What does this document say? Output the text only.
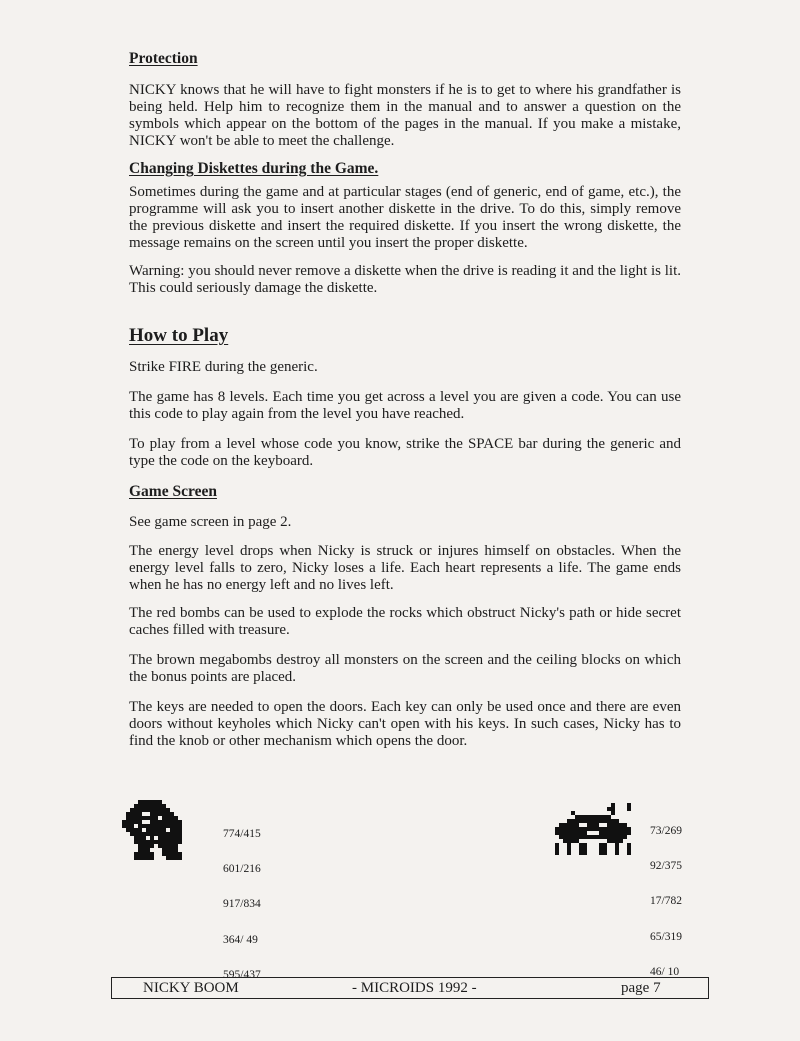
Protection

NICKY knows that he will have to fight monsters if he is to get to where his grandfather is being held. Help him to recognize them in the manual and to answer a question on the symbols which appear on the bottom of the pages in the manual. If you make a mistake, NICKY won't be able to meet the challenge.

Changing Diskettes during the Game.

Sometimes during the game and at particular stages (end of generic, end of game, etc.), the programme will ask you to insert another diskette in the drive. To do this, simply remove the previous diskette and insert the required diskette. If you insert the wrong diskette, the message remains on the screen until you insert the proper diskette.

Warning: you should never remove a diskette when the drive is reading it and the light is lit. This could seriously damage the diskette.

How to Play

Strike FIRE during the generic.

The game has 8 levels. Each time you get across a level you are given a code. You can use this code to play again from the level you have reached.

To play from a level whose code you know, strike the SPACE bar during the generic and type the code on the keyboard.

Game Screen

See game screen in page 2.

The energy level drops when Nicky is struck or injures himself on obstacles. When the energy level falls to zero, Nicky loses a life. Each heart represents a life. The game ends when he has no energy left and no lives left.

The red bombs can be used to explode the rocks which obstruct Nicky's path or hide secret caches filled with treasure.

The brown megabombs destroy all monsters on the screen and the ceiling blocks on which the bonus points are placed.

The keys are needed to open the doors. Each key can only be used once and there are even doors without keyholes which Nicky can't open with his keys. In such cases, Nicky has to find the knob or other mechanism which opens the door.

774/415

601/216

917/834

364/ 49

595/437

73/269

92/375

17/782

65/319

46/ 10

NICKY BOOM	- MICROIDS 1992 -	page 7
